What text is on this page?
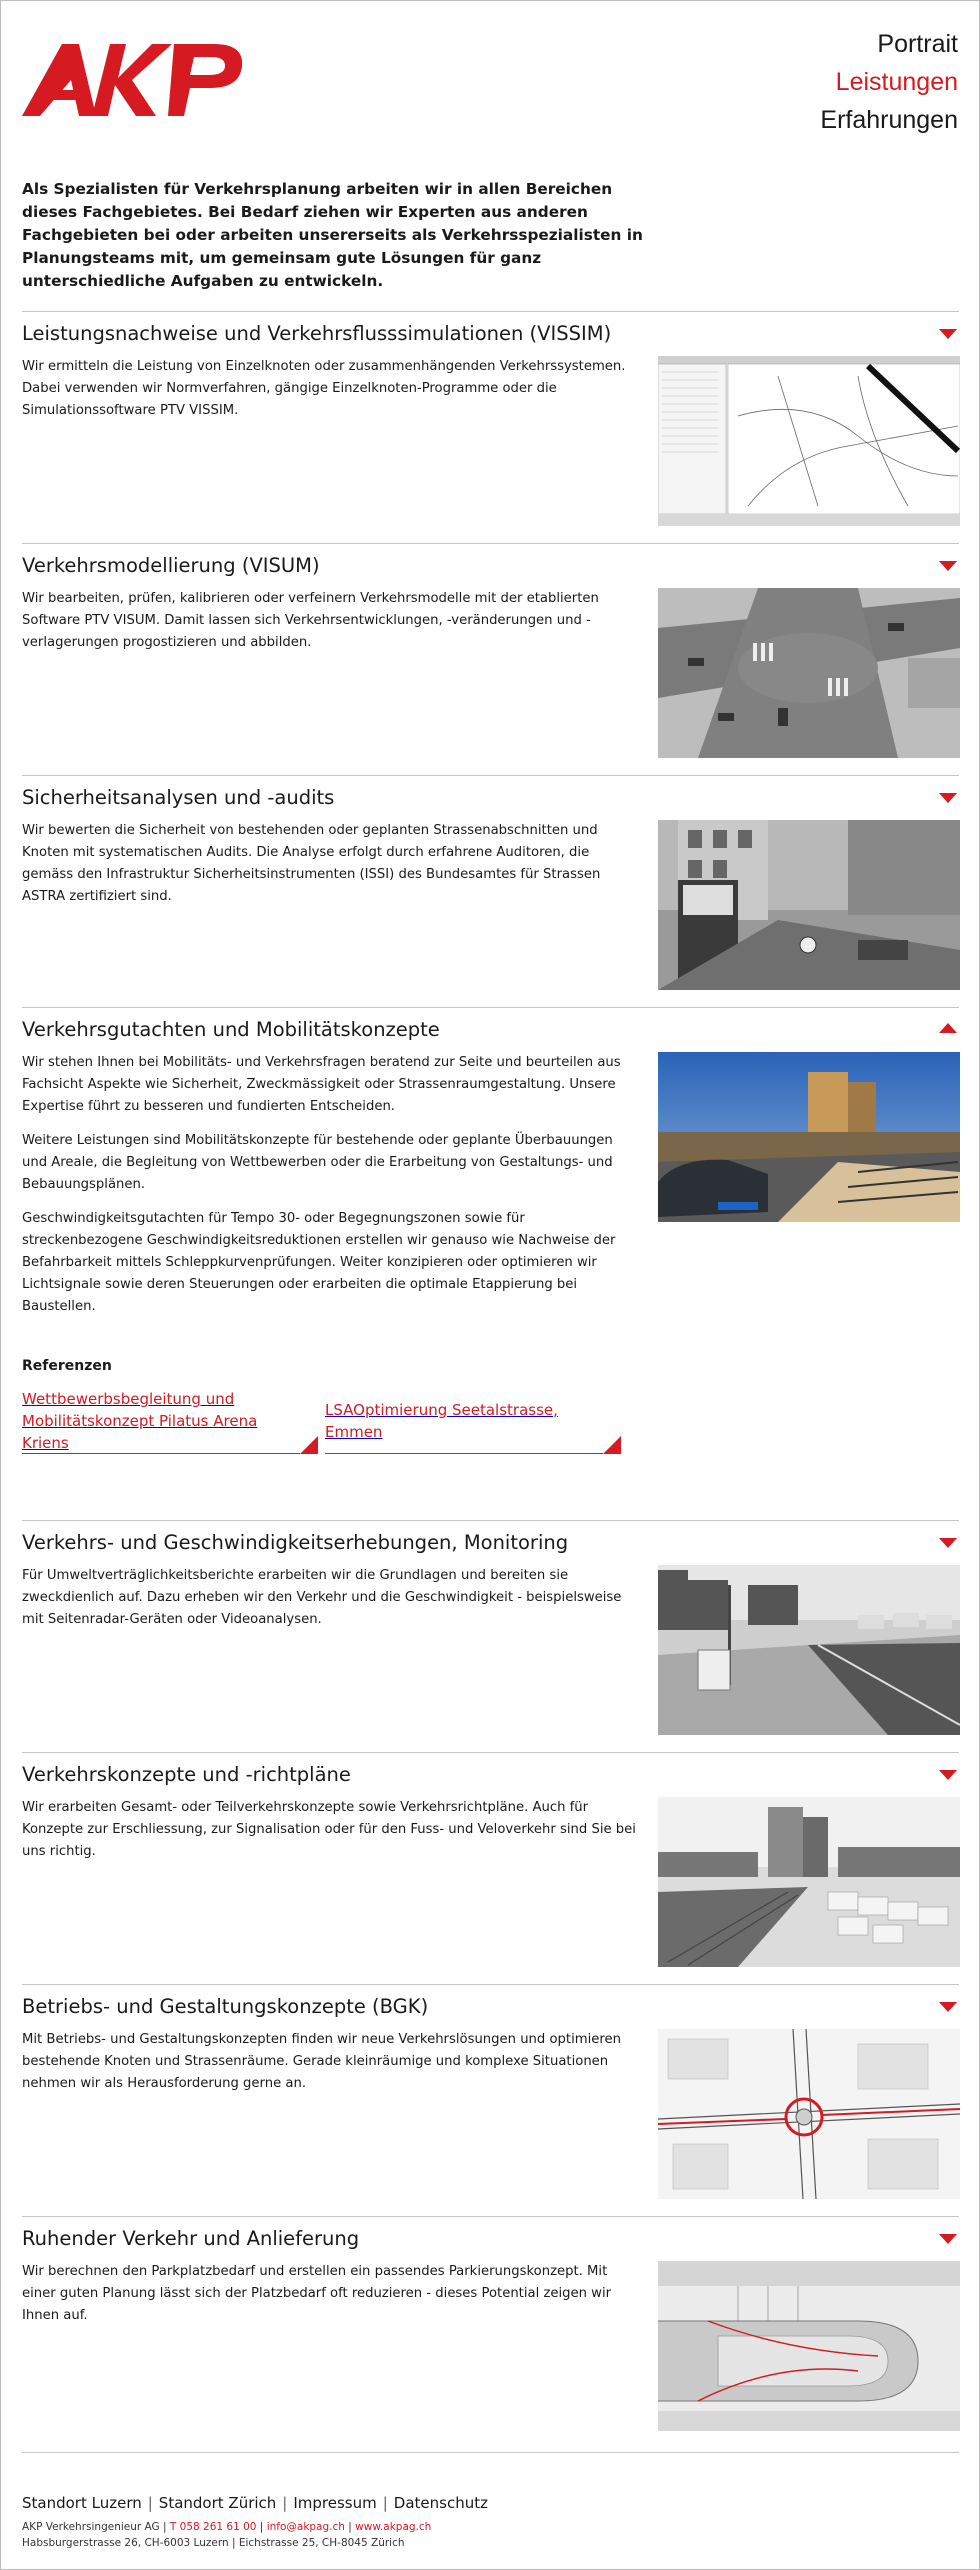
Portrait
Leistungen
Erfahrungen

Als Spezialisten für Verkehrsplanung arbeiten wir in allen Bereichen dieses Fachgebietes. Bei Bedarf ziehen wir Experten aus anderen Fachgebieten bei oder arbeiten unsererseits als Verkehrsspezialisten in Planungsteams mit, um gemeinsam gute Lösungen für ganz unterschiedliche Aufgaben zu entwickeln.

Leistungsnachweise und Verkehrsflusssimulationen (VISSIM)

Wir ermitteln die Leistung von Einzelknoten oder zusammenhängenden Verkehrssystemen. Dabei verwenden wir Normverfahren, gängige Einzelknoten-Programme oder die Simulationssoftware PTV VISSIM.

Verkehrsmodellierung (VISUM)

Wir bearbeiten, prüfen, kalibrieren oder verfeinern Verkehrsmodelle mit der etablierten Software PTV VISUM. Damit lassen sich Verkehrsentwicklungen, -veränderungen und -verlagerungen progostizieren und abbilden.

Sicherheitsanalysen und -audits

Wir bewerten die Sicherheit von bestehenden oder geplanten Strassenabschnitten und Knoten mit systematischen Audits. Die Analyse erfolgt durch erfahrene Auditoren, die gemäss den Infrastruktur Sicherheitsinstrumenten (ISSI) des Bundesamtes für Strassen ASTRA zertifiziert sind.

Verkehrsgutachten und Mobilitätskonzepte

Wir stehen Ihnen bei Mobilitäts- und Verkehrsfragen beratend zur Seite und beurteilen aus Fachsicht Aspekte wie Sicherheit, Zweckmässigkeit oder Strassenraumgestaltung. Unsere Expertise führt zu besseren und fundierten Entscheiden.

Weitere Leistungen sind Mobilitätskonzepte für bestehende oder geplante Überbauungen und Areale, die Begleitung von Wettbewerben oder die Erarbeitung von Gestaltungs- und Bebauungsplänen.

Geschwindigkeitsgutachten für Tempo 30- oder Begegnungszonen sowie für streckenbezogene Geschwindigkeitsreduktionen erstellen wir genauso wie Nachweise der Befahrbarkeit mittels Schleppkurvenprüfungen. Weiter konzipieren oder optimieren wir Lichtsignale sowie deren Steuerungen oder erarbeiten die optimale Etappierung bei Baustellen.

Referenzen
Wettbewerbsbegleitung und Mobilitätskonzept Pilatus Arena Kriens
LSAOptimierung Seetalstrasse, Emmen
Verkehrs- und Geschwindigkeitserhebungen, Monitoring

Für Umweltverträglichkeitsberichte erarbeiten wir die Grundlagen und bereiten sie zweckdienlich auf. Dazu erheben wir den Verkehr und die Geschwindigkeit - beispielsweise mit Seitenradar-Geräten oder Videoanalysen.

Verkehrskonzepte und -richtpläne

Wir erarbeiten Gesamt- oder Teilverkehrskonzepte sowie Verkehrsrichtpläne. Auch für Konzepte zur Erschliessung, zur Signalisation oder für den Fuss- und Veloverkehr sind Sie bei uns richtig.

Betriebs- und Gestaltungskonzepte (BGK)

Mit Betriebs- und Gestaltungskonzepten finden wir neue Verkehrslösungen und optimieren bestehende Knoten und Strassenräume. Gerade kleinräumige und komplexe Situationen nehmen wir als Herausforderung gerne an.

Ruhender Verkehr und Anlieferung

Wir berechnen den Parkplatzbedarf und erstellen ein passendes Parkierungskonzept. Mit einer guten Planung lässt sich der Platzbedarf oft reduzieren - dieses Potential zeigen wir Ihnen auf.

Standort Luzern | Standort Zürich | Impressum | Datenschutz
AKP Verkehrsingenieur AG | T 058 261 61 00 | info@akpag.ch | www.akpag.ch
Habsburgerstrasse 26, CH-6003 Luzern | Eichstrasse 25, CH-8045 Zürich
